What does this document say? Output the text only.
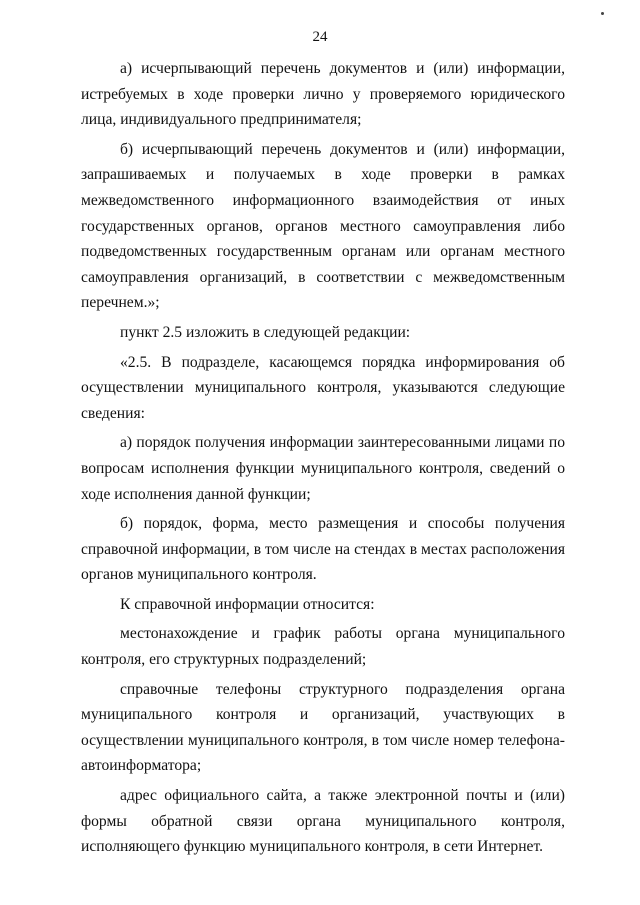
24

а) исчерпывающий перечень документов и (или) информации, истребуемых в ходе проверки лично у проверяемого юридического лица, индивидуального предпринимателя;

б) исчерпывающий перечень документов и (или) информации, запрашиваемых и получаемых в ходе проверки в рамках межведомственного информационного взаимодействия от иных государственных органов, органов местного самоуправления либо подведомственных государственным органам или органам местного самоуправления организаций, в соответствии с межведомственным перечнем.»;

пункт 2.5 изложить в следующей редакции:

«2.5. В подразделе, касающемся порядка информирования об осуществлении муниципального контроля, указываются следующие сведения:

а) порядок получения информации заинтересованными лицами по вопросам исполнения функции муниципального контроля, сведений о ходе исполнения данной функции;

б) порядок, форма, место размещения и способы получения справочной информации, в том числе на стендах в местах расположения органов муниципального контроля.

К справочной информации относится:

местонахождение и график работы органа муниципального контроля, его структурных подразделений;

справочные телефоны структурного подразделения органа муниципального контроля и организаций, участвующих в осуществлении муниципального контроля, в том числе номер телефона-автоинформатора;

адрес официального сайта, а также электронной почты и (или) формы обратной связи органа муниципального контроля, исполняющего функцию муниципального контроля, в сети Интернет.
